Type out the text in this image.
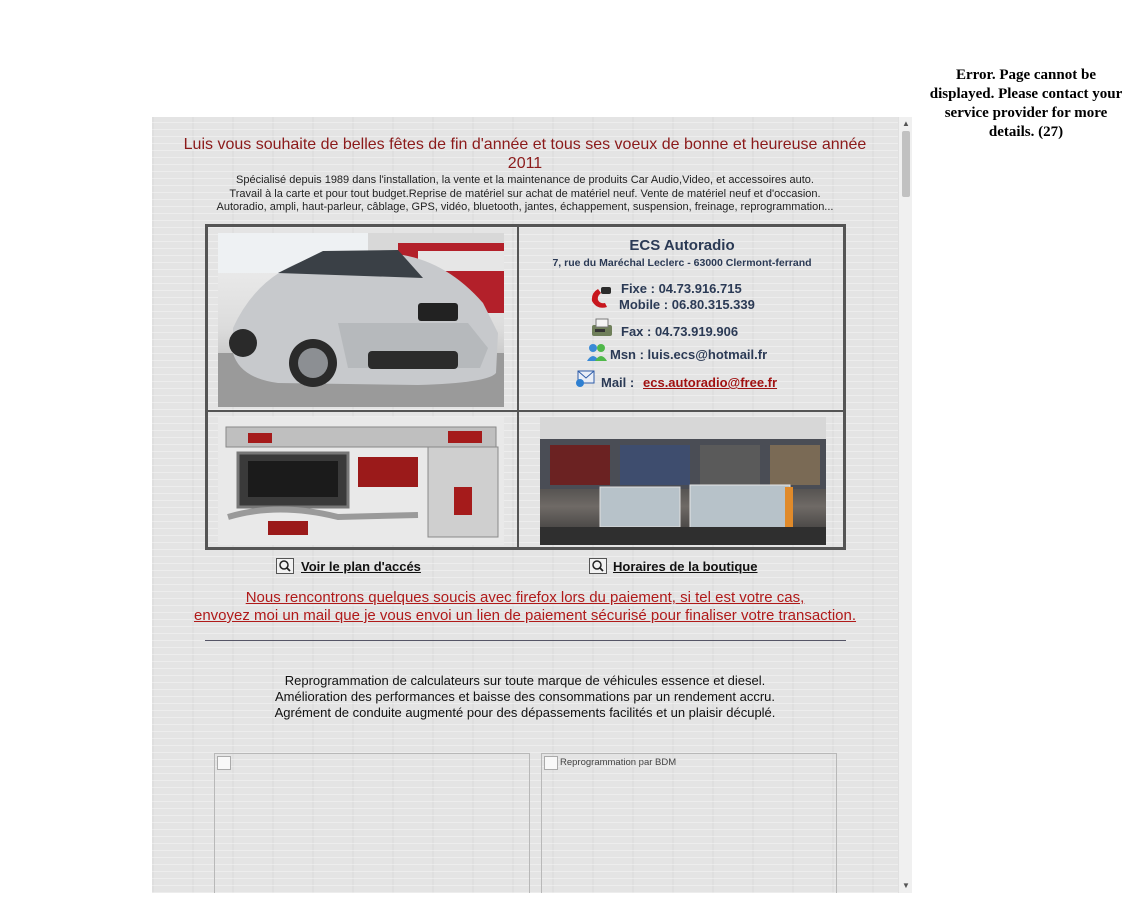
Error. Page cannot be displayed. Please contact your service provider for more details. (27)
Luis vous souhaite de belles fêtes de fin d'année et tous ses voeux de bonne et heureuse année 2011
Spécialisé depuis 1989 dans l'installation, la vente et la maintenance de produits Car Audio,Video, et accessoires auto.
Travail à la carte et pour tout budget.Reprise de matériel sur achat de matériel neuf. Vente de matériel neuf et d'occasion.
Autoradio, ampli, haut-parleur, câblage, GPS, vidéo, bluetooth, jantes, échappement, suspension, freinage, reprogrammation...
ECS Autoradio
7, rue du Maréchal Leclerc - 63000 Clermont-ferrand
Fixe : 04.73.916.715
Mobile : 06.80.315.339
Fax : 04.73.919.906
Msn : luis.ecs@hotmail.fr
Mail : ecs.autoradio@free.fr
Voir le plan d'accés	Horaires de la boutique
Nous rencontrons quelques soucis avec firefox lors du paiement, si tel est votre cas,
envoyez moi un mail que je vous envoi un lien de paiement sécurisé pour finaliser votre transaction.
Reprogrammation de calculateurs sur toute marque de véhicules essence et diesel.
Amélioration des performances et baisse des consommations par un rendement accru.
Agrément de conduite augmenté pour des dépassements facilités et un plaisir décuplé.
Reprogrammation par BDM
▲
▼
